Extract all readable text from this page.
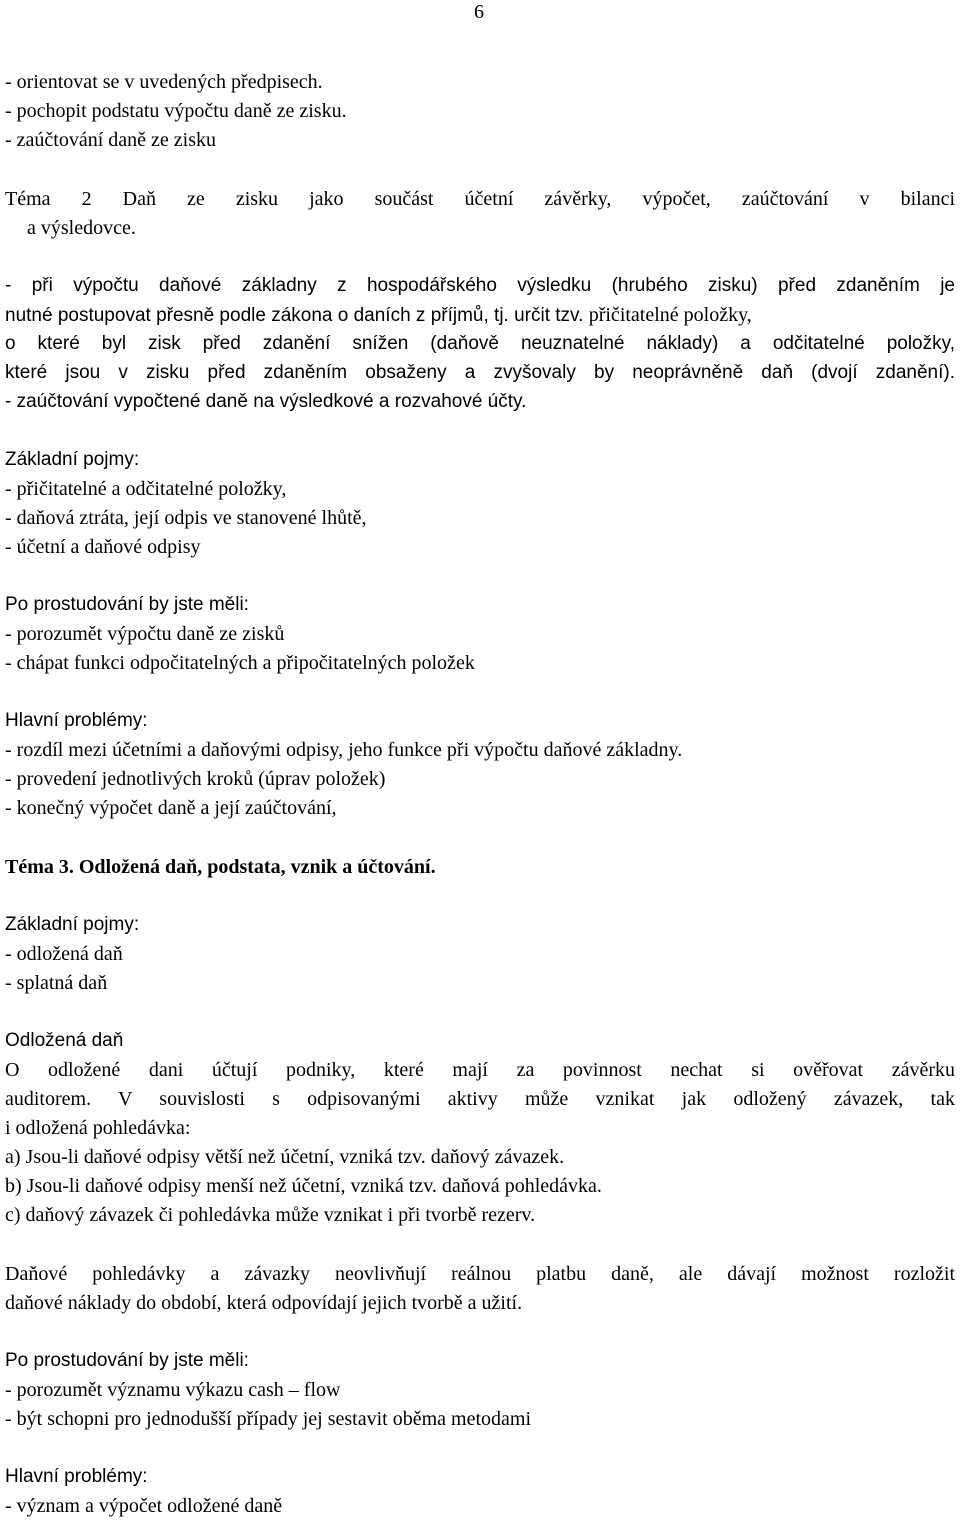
6
- orientovat se v uvedených předpisech.
- pochopit podstatu výpočtu daně ze zisku.
- zaúčtování daně ze zisku
Téma 2 Daň ze zisku jako součást účetní závěrky, výpočet, zaúčtování v bilanci
a výsledovce.
- při výpočtu daňové základny z hospodářského výsledku (hrubého zisku) před zdaněním je
nutné postupovat přesně podle zákona o daních z příjmů, tj. určit tzv. přičitatelné položky,
o které byl zisk před zdanění snížen (daňově neuznatelné náklady) a odčitatelné položky,
které jsou v zisku před zdaněním obsaženy a zvyšovaly by neoprávněně daň (dvojí zdanění).
- zaúčtování vypočtené daně na výsledkové a rozvahové účty.
Základní pojmy:
- přičitatelné a odčitatelné položky,
- daňová ztráta, její odpis ve stanovené lhůtě,
- účetní a daňové odpisy
Po prostudování by jste měli:
- porozumět výpočtu daně ze zisků
- chápat funkci odpočitatelných a připočitatelných položek
Hlavní problémy:
- rozdíl mezi účetními a daňovými odpisy, jeho funkce při výpočtu daňové základny.
- provedení jednotlivých kroků (úprav položek)
- konečný výpočet daně a její zaúčtování,
Téma 3. Odložená daň, podstata, vznik a účtování.
Základní pojmy:
- odložená daň
- splatná daň
Odložená daň
O odložené dani účtují podniky, které mají za povinnost nechat si ověřovat závěrku
auditorem. V souvislosti s odpisovanými aktivy může vznikat jak odložený závazek, tak
i odložená pohledávka:
a) Jsou-li daňové odpisy větší než účetní, vzniká tzv. daňový závazek.
b) Jsou-li daňové odpisy menší než účetní, vzniká tzv. daňová pohledávka.
c) daňový závazek či pohledávka může vznikat i při tvorbě rezerv.
Daňové pohledávky a závazky neovlivňují reálnou platbu daně, ale dávají možnost rozložit
daňové náklady do období, která odpovídají jejich tvorbě a užití.
Po prostudování by jste měli:
- porozumět významu výkazu cash – flow
- být schopni pro jednodušší případy jej sestavit oběma metodami
Hlavní problémy:
- význam a výpočet odložené daně
